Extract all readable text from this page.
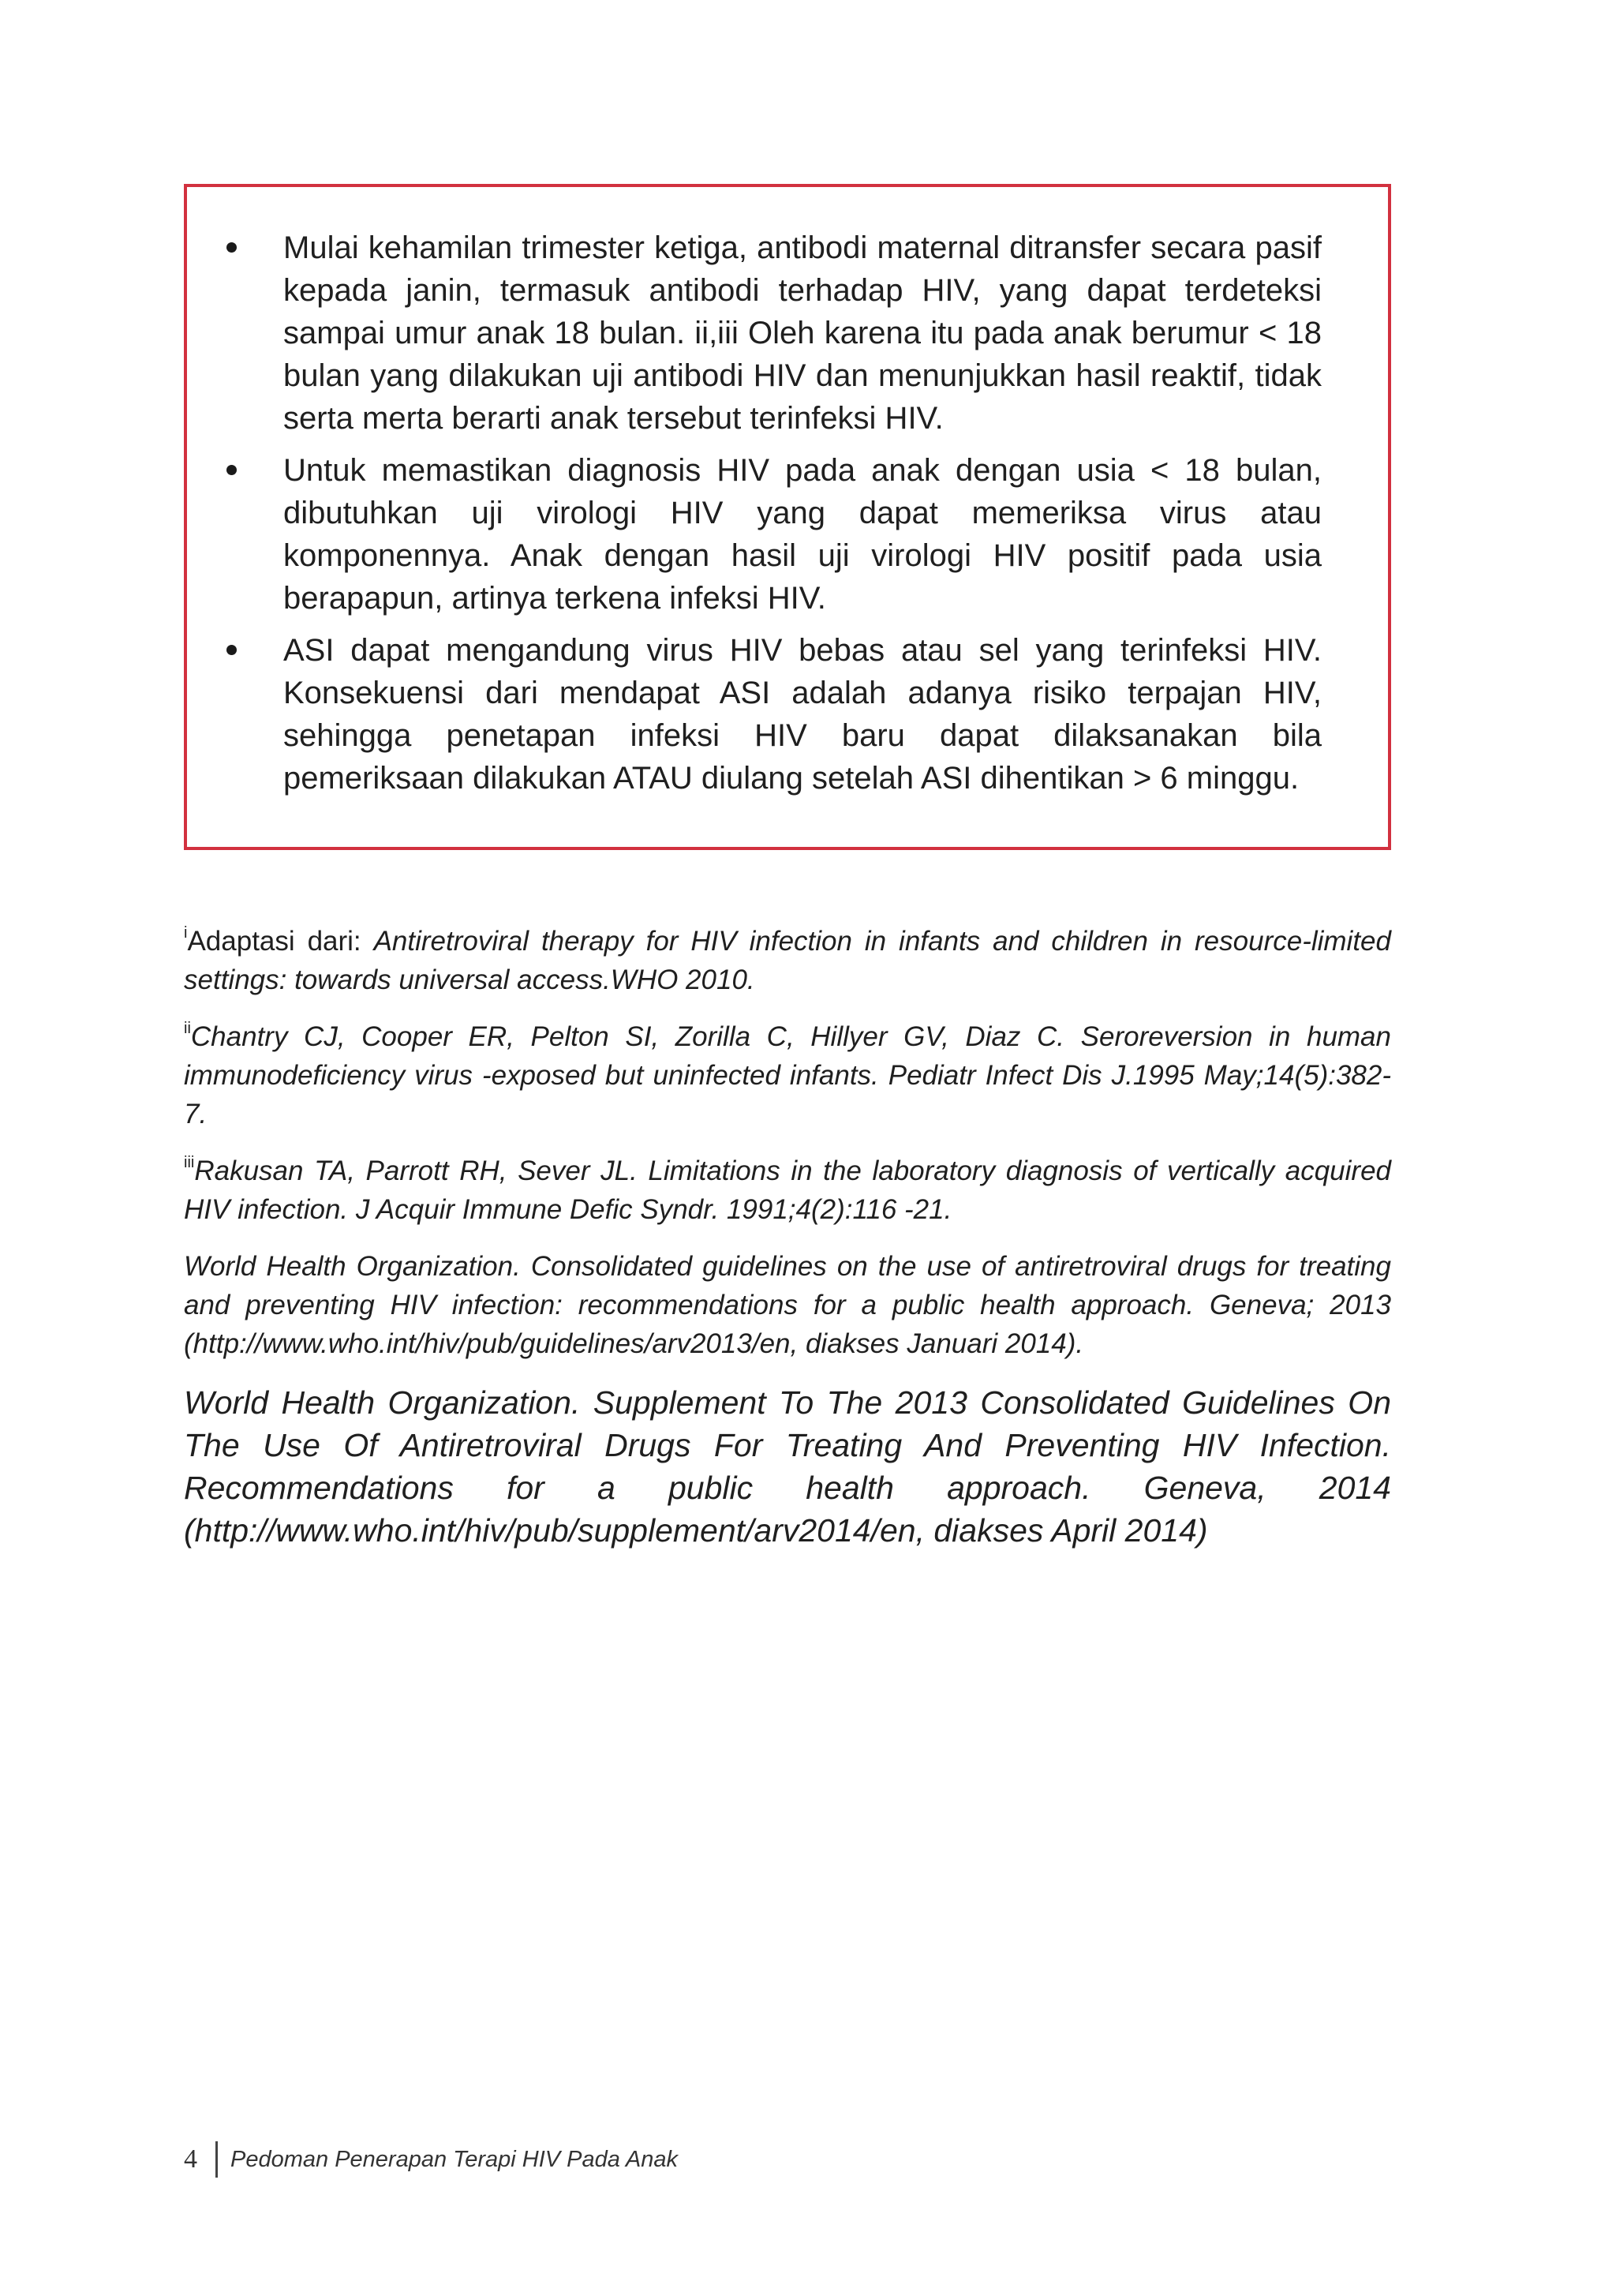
Mulai kehamilan trimester ketiga, antibodi maternal ditransfer secara pasif kepada janin, termasuk antibodi terhadap HIV, yang dapat terdeteksi sampai umur anak 18 bulan. ii,iii Oleh karena itu pada anak berumur < 18 bulan yang dilakukan uji antibodi HIV dan menunjukkan hasil reaktif, tidak serta merta berarti anak tersebut terinfeksi HIV.
Untuk memastikan diagnosis HIV pada anak dengan usia < 18 bulan, dibutuhkan uji virologi HIV yang dapat memeriksa virus atau komponennya. Anak dengan hasil uji virologi HIV positif pada usia berapapun, artinya terkena infeksi HIV.
ASI dapat mengandung virus HIV bebas atau sel yang terinfeksi HIV. Konsekuensi dari mendapat ASI adalah adanya risiko terpajan HIV, sehingga penetapan infeksi HIV baru dapat dilaksanakan bila pemeriksaan dilakukan ATAU diulang setelah ASI dihentikan > 6 minggu.

$^i$Adaptasi dari: Antiretroviral therapy for HIV infection in infants and children in resource-limited settings: towards universal access.WHO 2010.

$^{ii}$Chantry CJ, Cooper ER, Pelton SI, Zorilla C, Hillyer GV, Diaz C. Seroreversion in human immunodeficiency virus -exposed but uninfected infants. Pediatr Infect Dis J.1995 May;14(5):382-7.

$^{iii}$Rakusan TA, Parrott RH, Sever JL. Limitations in the laboratory diagnosis of vertically acquired HIV infection. J Acquir Immune Defic Syndr. 1991;4(2):116 -21.

World Health Organization. Consolidated guidelines on the use of antiretroviral drugs for treating and preventing HIV infection: recommendations for a public health approach. Geneva; 2013 (http://www.who.int/hiv/pub/guidelines/arv2013/en, diakses Januari 2014).

World Health Organization. Supplement To The 2013 Consolidated Guidelines On The Use Of Antiretroviral Drugs For Treating And Preventing HIV Infection. Recommendations for a public health approach. Geneva, 2014 (http://www.who.int/hiv/pub/supplement/arv2014/en, diakses April 2014)

4	Pedoman Penerapan Terapi HIV Pada Anak
